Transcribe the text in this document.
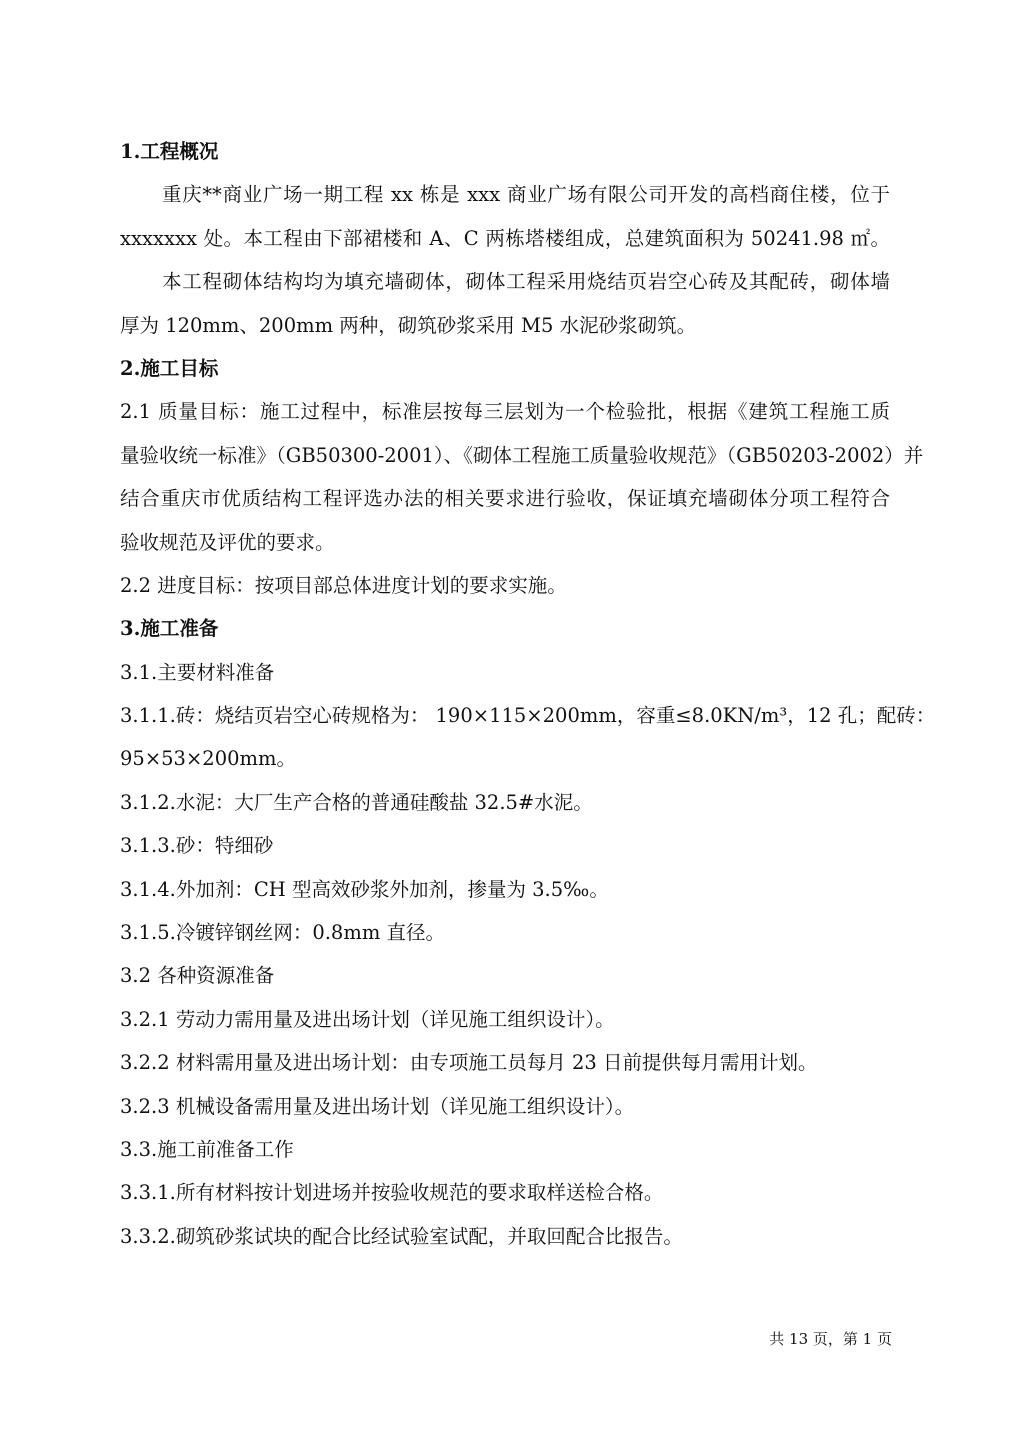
1.工程概况
重庆**商业广场一期工程 xx 栋是 xxx 商业广场有限公司开发的高档商住楼，位于
xxxxxxx 处。本工程由下部裙楼和 A、C 两栋塔楼组成，总建筑面积为 50241.98 ㎡。
本工程砌体结构均为填充墙砌体，砌体工程采用烧结页岩空心砖及其配砖，砌体墙
厚为 120mm、200mm 两种，砌筑砂浆采用 M5 水泥砂浆砌筑。
2.施工目标
2.1 质量目标：施工过程中，标准层按每三层划为一个检验批，根据《建筑工程施工质
量验收统一标准》（GB50300-2001）、《砌体工程施工质量验收规范》（GB50203-2002）并
结合重庆市优质结构工程评选办法的相关要求进行验收，保证填充墙砌体分项工程符合
验收规范及评优的要求。
2.2 进度目标：按项目部总体进度计划的要求实施。
3.施工准备
3.1.主要材料准备
3.1.1.砖：烧结页岩空心砖规格为： 190×115×200mm，容重≤8.0KN/m³，12 孔；配砖：
95×53×200mm。
3.1.2.水泥：大厂生产合格的普通硅酸盐 32.5#水泥。
3.1.3.砂：特细砂
3.1.4.外加剂：CH 型高效砂浆外加剂，掺量为 3.5‰。
3.1.5.冷镀锌钢丝网：0.8mm 直径。
3.2 各种资源准备
3.2.1 劳动力需用量及进出场计划（详见施工组织设计）。
3.2.2 材料需用量及进出场计划：由专项施工员每月 23 日前提供每月需用计划。
3.2.3 机械设备需用量及进出场计划（详见施工组织设计）。
3.3.施工前准备工作
3.3.1.所有材料按计划进场并按验收规范的要求取样送检合格。
3.3.2.砌筑砂浆试块的配合比经试验室试配，并取回配合比报告。
共 13 页，第 1 页
